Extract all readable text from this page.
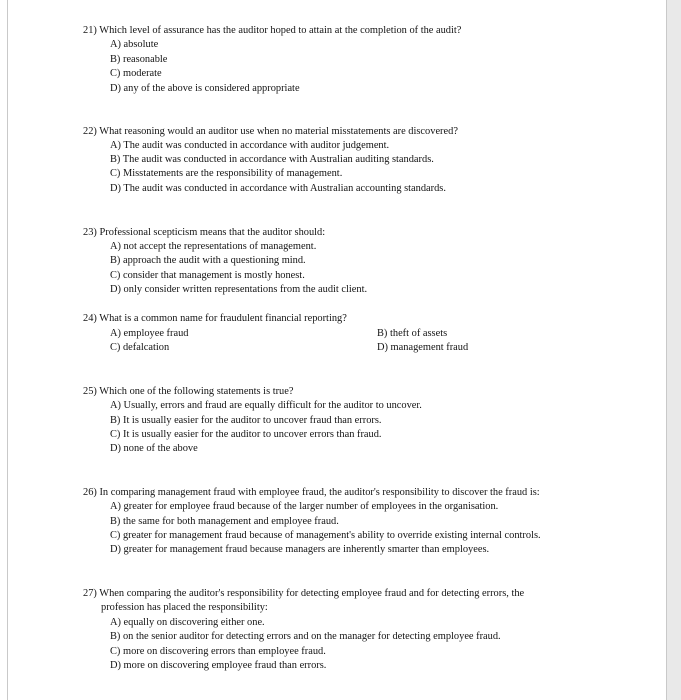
21) Which level of assurance has the auditor hoped to attain at the completion of the audit?
A) absolute
B) reasonable
C) moderate
D) any of the above is considered appropriate
22) What reasoning would an auditor use when no material misstatements are discovered?
A) The audit was conducted in accordance with auditor judgement.
B) The audit was conducted in accordance with Australian auditing standards.
C) Misstatements are the responsibility of management.
D) The audit was conducted in accordance with Australian accounting standards.
23) Professional scepticism means that the auditor should:
A) not accept the representations of management.
B) approach the audit with a questioning mind.
C) consider that management is mostly honest.
D) only consider written representations from the audit client.
24) What is a common name for fraudulent financial reporting?
A) employee fraud	B) theft of assets
C) defalcation	D) management fraud
25) Which one of the following statements is true?
A) Usually, errors and fraud are equally difficult for the auditor to uncover.
B) It is usually easier for the auditor to uncover fraud than errors.
C) It is usually easier for the auditor to uncover errors than fraud.
D) none of the above
26) In comparing management fraud with employee fraud, the auditor's responsibility to discover the fraud is:
A) greater for employee fraud because of the larger number of employees in the organisation.
B) the same for both management and employee fraud.
C) greater for management fraud because of management's ability to override existing internal controls.
D) greater for management fraud because managers are inherently smarter than employees.
27) When comparing the auditor's responsibility for detecting employee fraud and for detecting errors, the
profession has placed the responsibility:
A) equally on discovering either one.
B) on the senior auditor for detecting errors and on the manager for detecting employee fraud.
C) more on discovering errors than employee fraud.
D) more on discovering employee fraud than errors.
